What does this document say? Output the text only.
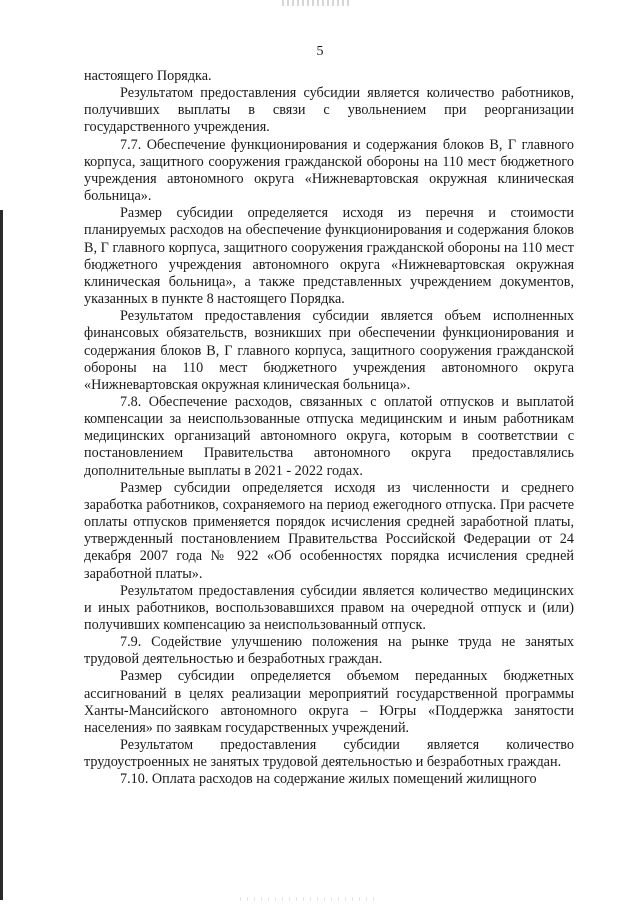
5

настоящего Порядка.

Результатом предоставления субсидии является количество работников, получивших выплаты в связи с увольнением при реорганизации государственного учреждения.

7.7. Обеспечение функционирования и содержания блоков В, Г главного корпуса, защитного сооружения гражданской обороны на 110 мест бюджетного учреждения автономного округа «Нижневартовская окружная клиническая больница».

Размер субсидии определяется исходя из перечня и стоимости планируемых расходов на обеспечение функционирования и содержания блоков В, Г главного корпуса, защитного сооружения гражданской обороны на 110 мест бюджетного учреждения автономного округа «Нижневартовская окружная клиническая больница», а также представленных учреждением документов, указанных в пункте 8 настоящего Порядка.

Результатом предоставления субсидии является объем исполненных финансовых обязательств, возникших при обеспечении функционирования и содержания блоков В, Г главного корпуса, защитного сооружения гражданской обороны на 110 мест бюджетного учреждения автономного округа «Нижневартовская окружная клиническая больница».

7.8. Обеспечение расходов, связанных с оплатой отпусков и выплатой компенсации за неиспользованные отпуска медицинским и иным работникам медицинских организаций автономного округа, которым в соответствии с постановлением Правительства автономного округа предоставлялись дополнительные выплаты в 2021 - 2022 годах.

Размер субсидии определяется исходя из численности и среднего заработка работников, сохраняемого на период ежегодного отпуска. При расчете оплаты отпусков применяется порядок исчисления средней заработной платы, утвержденный постановлением Правительства Российской Федерации от 24 декабря 2007 года № 922 «Об особенностях порядка исчисления средней заработной платы».

Результатом предоставления субсидии является количество медицинских и иных работников, воспользовавшихся правом на очередной отпуск и (или) получивших компенсацию за неиспользованный отпуск.

7.9. Содействие улучшению положения на рынке труда не занятых трудовой деятельностью и безработных граждан.

Размер субсидии определяется объемом переданных бюджетных ассигнований в целях реализации мероприятий государственной программы Ханты-Мансийского автономного округа – Югры «Поддержка занятости населения» по заявкам государственных учреждений.

Результатом предоставления субсидии является количество трудоустроенных не занятых трудовой деятельностью и безработных граждан.

7.10. Оплата расходов на содержание жилых помещений жилищного
